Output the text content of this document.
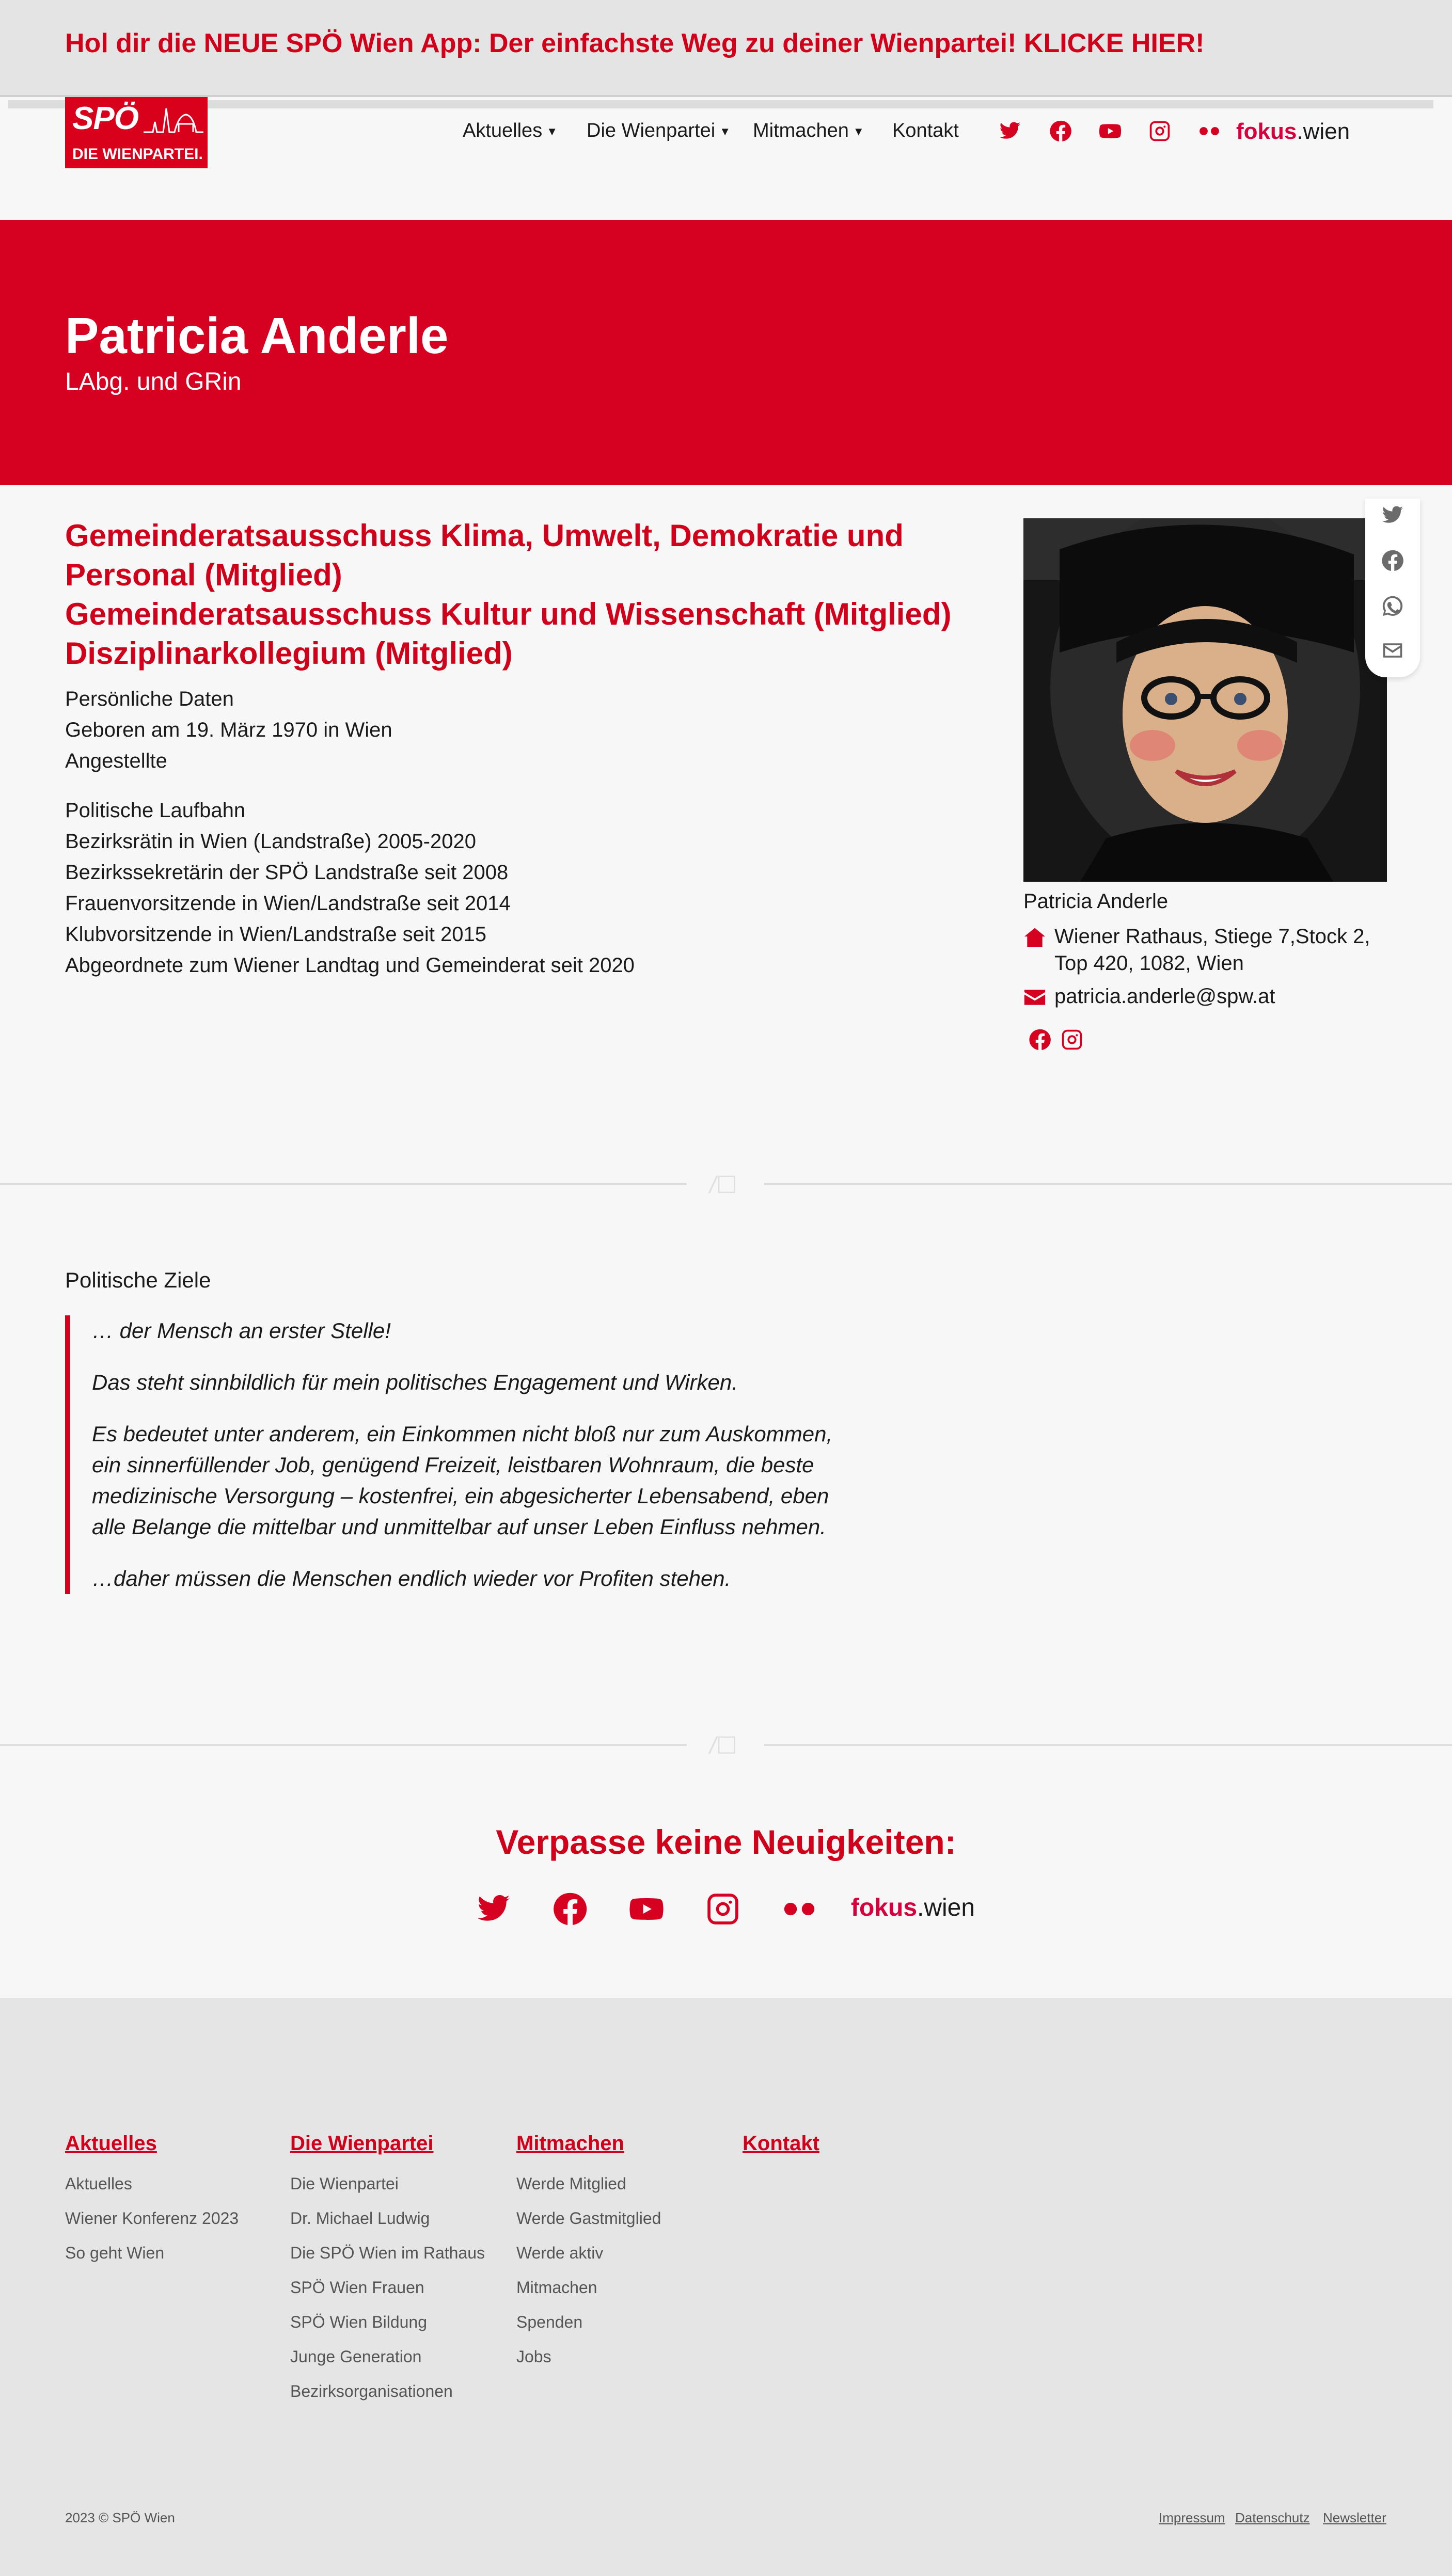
Hol dir die NEUE SPÖ Wien App: Der einfachste Weg zu deiner Wienpartei! KLICKE HIER!
SPÖ
DIE WIENPARTEI.
Aktuelles ▼ Die Wienpartei ▼ Mitmachen ▼ Kontakt	fokus.wien
Patricia Anderle
LAbg. und GRin
Gemeinderatsausschuss Klima, Umwelt, Demokratie und Personal (Mitglied)
Gemeinderatsausschuss Kultur und Wissenschaft (Mitglied)
Disziplinarkollegium (Mitglied)
Persönliche Daten
Geboren am 19. März 1970 in Wien
Angestellte
Politische Laufbahn
Bezirksrätin in Wien (Landstraße) 2005-2020
Bezirkssekretärin der SPÖ Landstraße seit 2008
Frauenvorsitzende in Wien/Landstraße seit 2014
Klubvorsitzende in Wien/Landstraße seit 2015
Abgeordnete zum Wiener Landtag und Gemeinderat seit 2020
Patricia Anderle
Wiener Rathaus, Stiege 7,Stock 2,
Top 420, 1082, Wien
patricia.anderle@spw.at
/☐
Politische Ziele

… der Mensch an erster Stelle!

Das steht sinnbildlich für mein politisches Engagement und Wirken.

Es bedeutet unter anderem, ein Einkommen nicht bloß nur zum Auskommen, ein sinnerfüllender Job, genügend Freizeit, leistbaren Wohnraum, die beste medizinische Versorgung – kostenfrei, ein abgesicherter Lebensabend, eben alle Belange die mittelbar und unmittelbar auf unser Leben Einfluss nehmen.

…daher müssen die Menschen endlich wieder vor Profiten stehen.

/☐
Verpasse keine Neuigkeiten:
fokus.wien
Aktuelles
Aktuelles
Wiener Konferenz 2023
So geht Wien
Die Wienpartei
Die Wienpartei
Dr. Michael Ludwig
Die SPÖ Wien im Rathaus
SPÖ Wien Frauen
SPÖ Wien Bildung
Junge Generation
Bezirksorganisationen
Mitmachen
Werde Mitglied
Werde Gastmitglied
Werde aktiv
Mitmachen
Spenden
Jobs
Kontakt
2023 © SPÖ Wien	Impressum Datenschutz Newsletter
